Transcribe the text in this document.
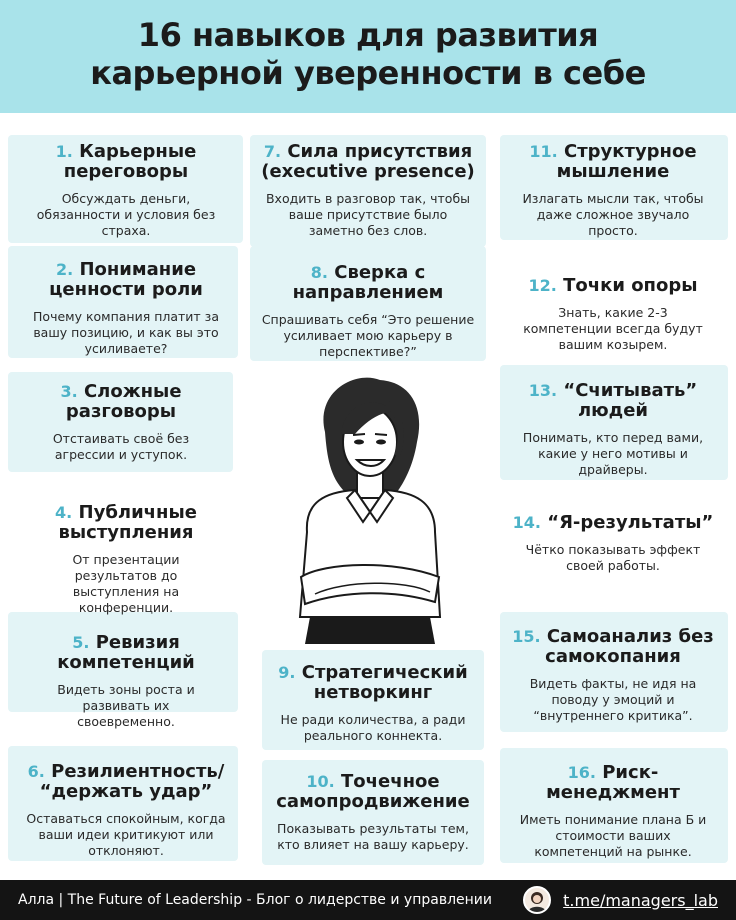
16 навыков для развития
карьерной уверенности в себе
1. Карьерные переговоры
Обсуждать деньги, обязанности и условия без страха.
2. Понимание ценности роли
Почему компания платит за вашу позицию, и как вы это усиливаете?
3. Сложные разговоры
Отстаивать своё без агрессии и уступок.
4. Публичные выступления
От презентации результатов до выступления на конференции.
5. Ревизия компетенций
Видеть зоны роста и развивать их своевременно.
6. Резилиентность/ “держать удар”
Оставаться спокойным, когда ваши идеи критикуют или отклоняют.
7. Сила присутствия (executive presence)
Входить в разговор так, чтобы ваше присутствие было заметно без слов.
8. Сверка с направлением
Спрашивать себя “Это решение усиливает мою карьеру в перспективе?”
9. Стратегический нетворкинг
Не ради количества, а ради реального коннекта.
10. Точечное самопродвижение
Показывать результаты тем, кто влияет на вашу карьеру.
11. Структурное мышление
Излагать мысли так, чтобы даже сложное звучало просто.
12. Точки опоры
Знать, какие 2-3 компетенции всегда будут вашим козырем.
13. “Считывать” людей
Понимать, кто перед вами, какие у него мотивы и драйверы.
14. “Я-результаты”
Чётко показывать эффект своей работы.
15. Самоанализ без самокопания
Видеть факты, не идя на поводу у эмоций и “внутреннего критика”.
16. Риск-менеджмент
Иметь понимание плана Б и стоимости ваших компетенций на рынке.
Алла | The Future of Leadership - Блог о лидерстве и управлении	t.me/managers_lab
